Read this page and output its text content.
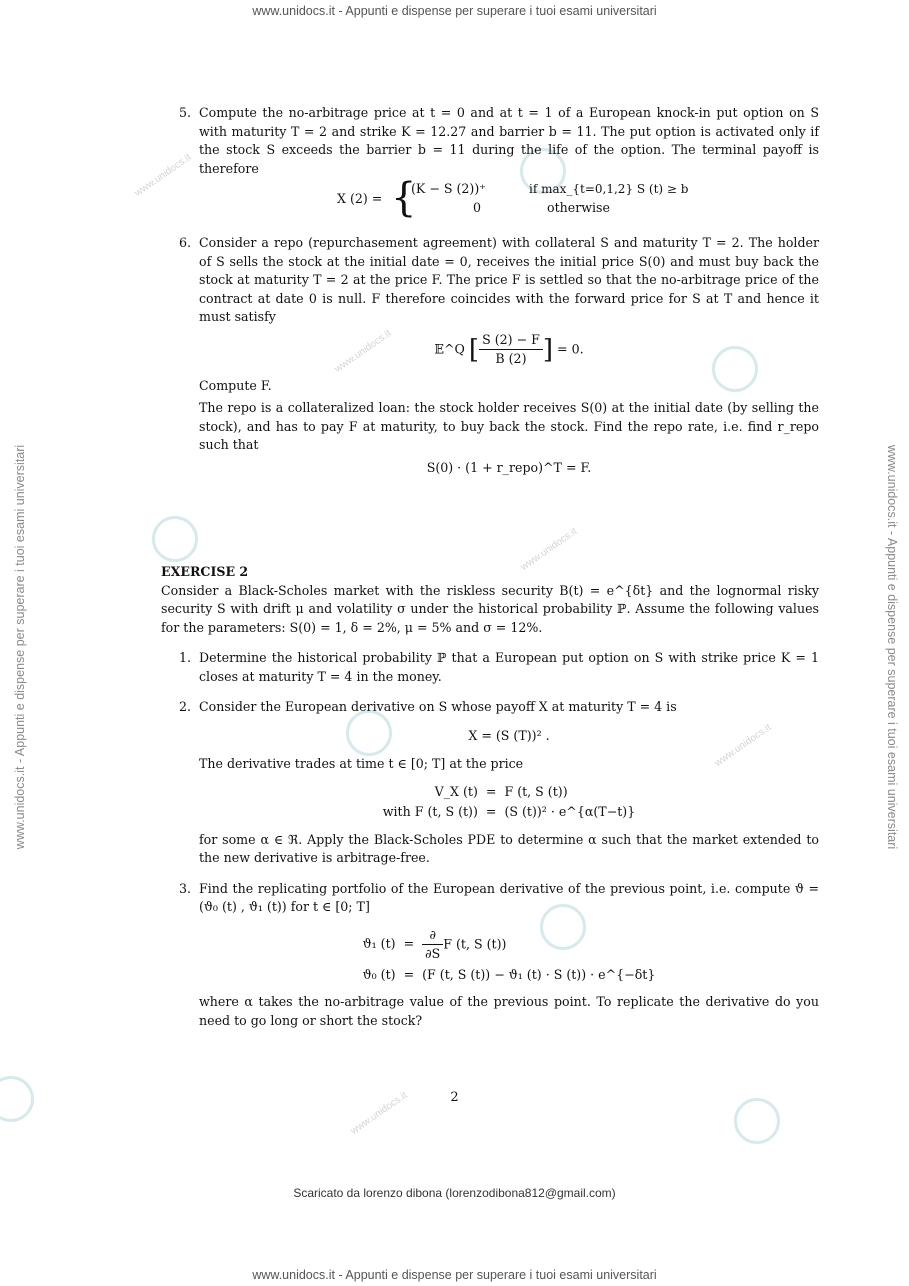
www.unidocs.it - Appunti e dispense per superare i tuoi esami universitari
www.unidocs.it - Appunti e dispense per superare i tuoi esami universitari	www.unidocs.it - Appunti e dispense per superare i tuoi esami universitari
www.unidocs.it
www.unidocs.it
www.unidocs.it
www.unidocs.it
www.unidocs.it
5. Compute the no-arbitrage price at t = 0 and at t = 1 of a European knock-in put option on S with maturity T = 2 and strike K = 12.27 and barrier b = 11. The put option is activated only if the stock S exceeds the barrier b = 11 during the life of the option. The terminal payoff is therefore
X (2) = {
(K − S (2))⁺	if max_{t=0,1,2} S (t) ≥ b
0	otherwise
6. Consider a repo (repurchasement agreement) with collateral S and maturity T = 2. The holder of S sells the stock at the initial date = 0, receives the initial price S(0) and must buy back the stock at maturity T = 2 at the price F. The price F is settled so that the no-arbitrage price of the contract at date 0 is null. F therefore coincides with the forward price for S at T and hence it must satisfy
𝔼^Q [ $\frac{S (2) - F}{B (2)}$ ] = 0.
Compute F.
The repo is a collateralized loan: the stock holder receives S(0) at the initial date (by selling the stock), and has to pay F at maturity, to buy back the stock. Find the repo rate, i.e. find r_repo such that
S(0) · (1 + r_repo)^T = F.
EXERCISE 2
Consider a Black-Scholes market with the riskless security B(t) = e^{δt} and the lognormal risky security S with drift μ and volatility σ under the historical probability ℙ. Assume the following values for the parameters: S(0) = 1, δ = 2%, μ = 5% and σ = 12%.
1. Determine the historical probability ℙ that a European put option on S with strike price K = 1 closes at maturity T = 4 in the money.
2. Consider the European derivative on S whose payoff X at maturity T = 4 is
X = (S (T))² .
The derivative trades at time t ∈ [0; T] at the price
V_X (t)	=	F (t, S (t))
with F (t, S (t))	=	(S (t))² · e^{α(T−t)}
for some α ∈ ℜ. Apply the Black-Scholes PDE to determine α such that the market extended to the new derivative is arbitrage-free.
3. Find the replicating portfolio of the European derivative of the previous point, i.e. compute ϑ = (ϑ₀ (t) , ϑ₁ (t)) for t ∈ [0; T]
ϑ₁ (t)	=	$\frac{\partial}{\partial S}$ F (t, S (t))
ϑ₀ (t)	=	(F (t, S (t)) − ϑ₁ (t) · S (t)) · e^{−δt}
where α takes the no-arbitrage value of the previous point. To replicate the derivative do you need to go long or short the stock?
2
Scaricato da lorenzo dibona (lorenzodibona812@gmail.com)
www.unidocs.it - Appunti e dispense per superare i tuoi esami universitari
